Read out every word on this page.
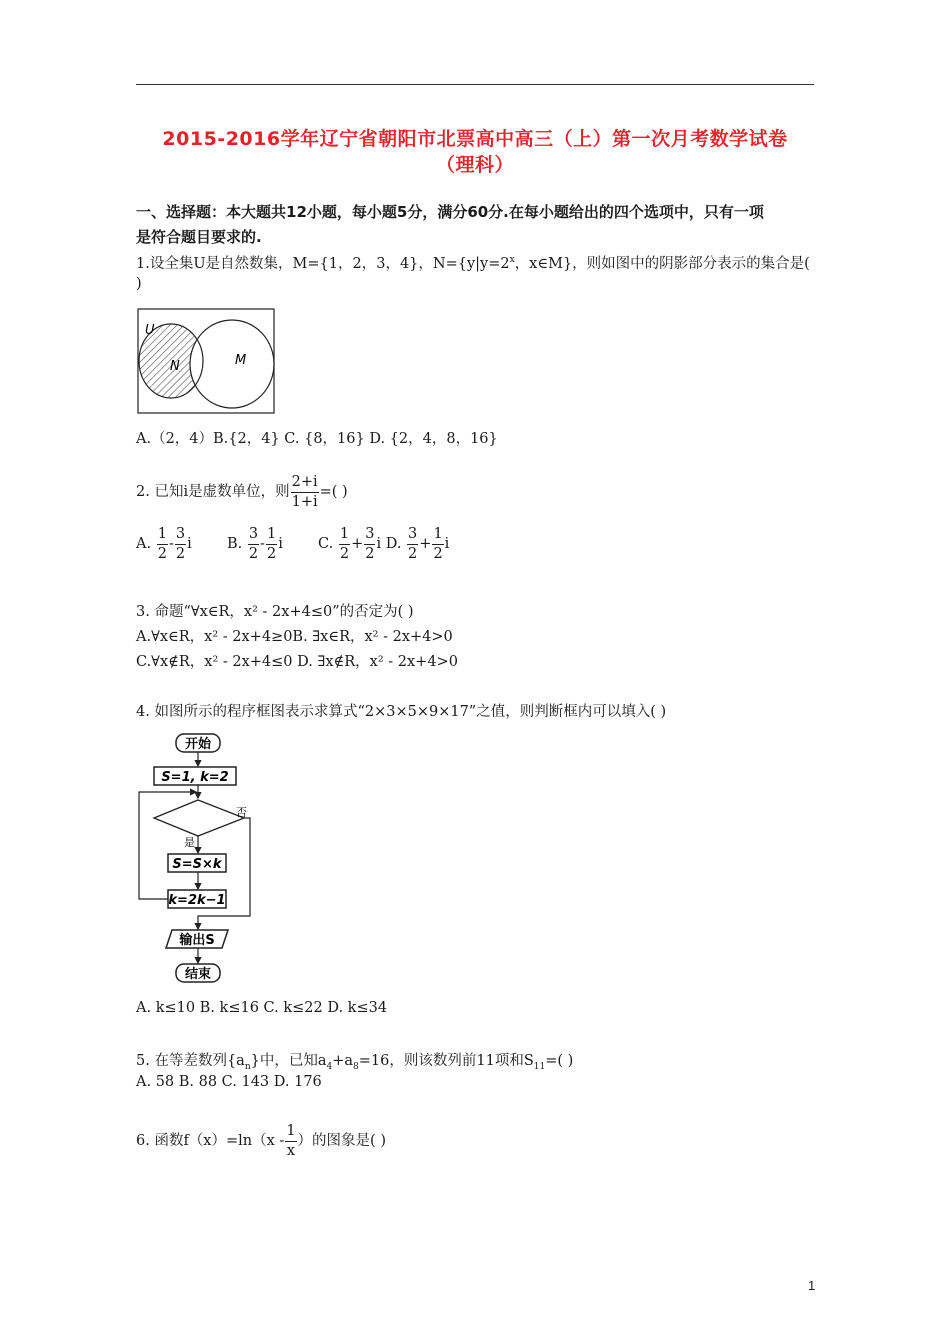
2015-2016学年辽宁省朝阳市北票高中高三（上）第一次月考数学试卷
（理科）
一、选择题：本大题共12小题，每小题5分，满分60分.在每小题给出的四个选项中，只有一项
是符合题目要求的.
1.设全集U是自然数集，M={1，2，3，4}，$N=\{y|y=2^x$，x∈M}，则如图中的阴影部分表示的集合是(
)
U
N	M
A.（2，4）B.{2，4} C. {8，16} D. {2，4，8，16}
2. 已知i是虚数单位，则 $\frac{2+i}{1+i}$ =( )
A. $\frac{1}{2} - \frac{3}{2}$ i B. $\frac{3}{2} - \frac{1}{2}$ i C. $\frac{1}{2} + \frac{3}{2}$ i D. $\frac{3}{2} + \frac{1}{2}$ i
3. 命题“∀x∈R，x² - 2x+4≤0”的否定为( )
A.∀x∈R，x² - 2x+4≥0B. ∃x∈R，x² - 2x+4>0
C.∀x∉R，x² - 2x+4≤0 D. ∃x∉R，x² - 2x+4>0
4. 如图所示的程序框图表示求算式“2×3×5×9×17”之值，则判断框内可以填入( )
开始
S=1, k=2
否
是
S=S×k
k=2k−1
输出S
结束
A. k≤10 B. k≤16 C. k≤22 D. k≤34
5. 在等差数列$\{a_n\}$中，已知$a_4+a_8=16$，则该数列前11项和$S_{11}=$( )
A. 58 B. 88 C. 143 D. 176
6. 函数$f(x)=\ln(x - \frac{1}{x}$ ）的图象是( )
1
